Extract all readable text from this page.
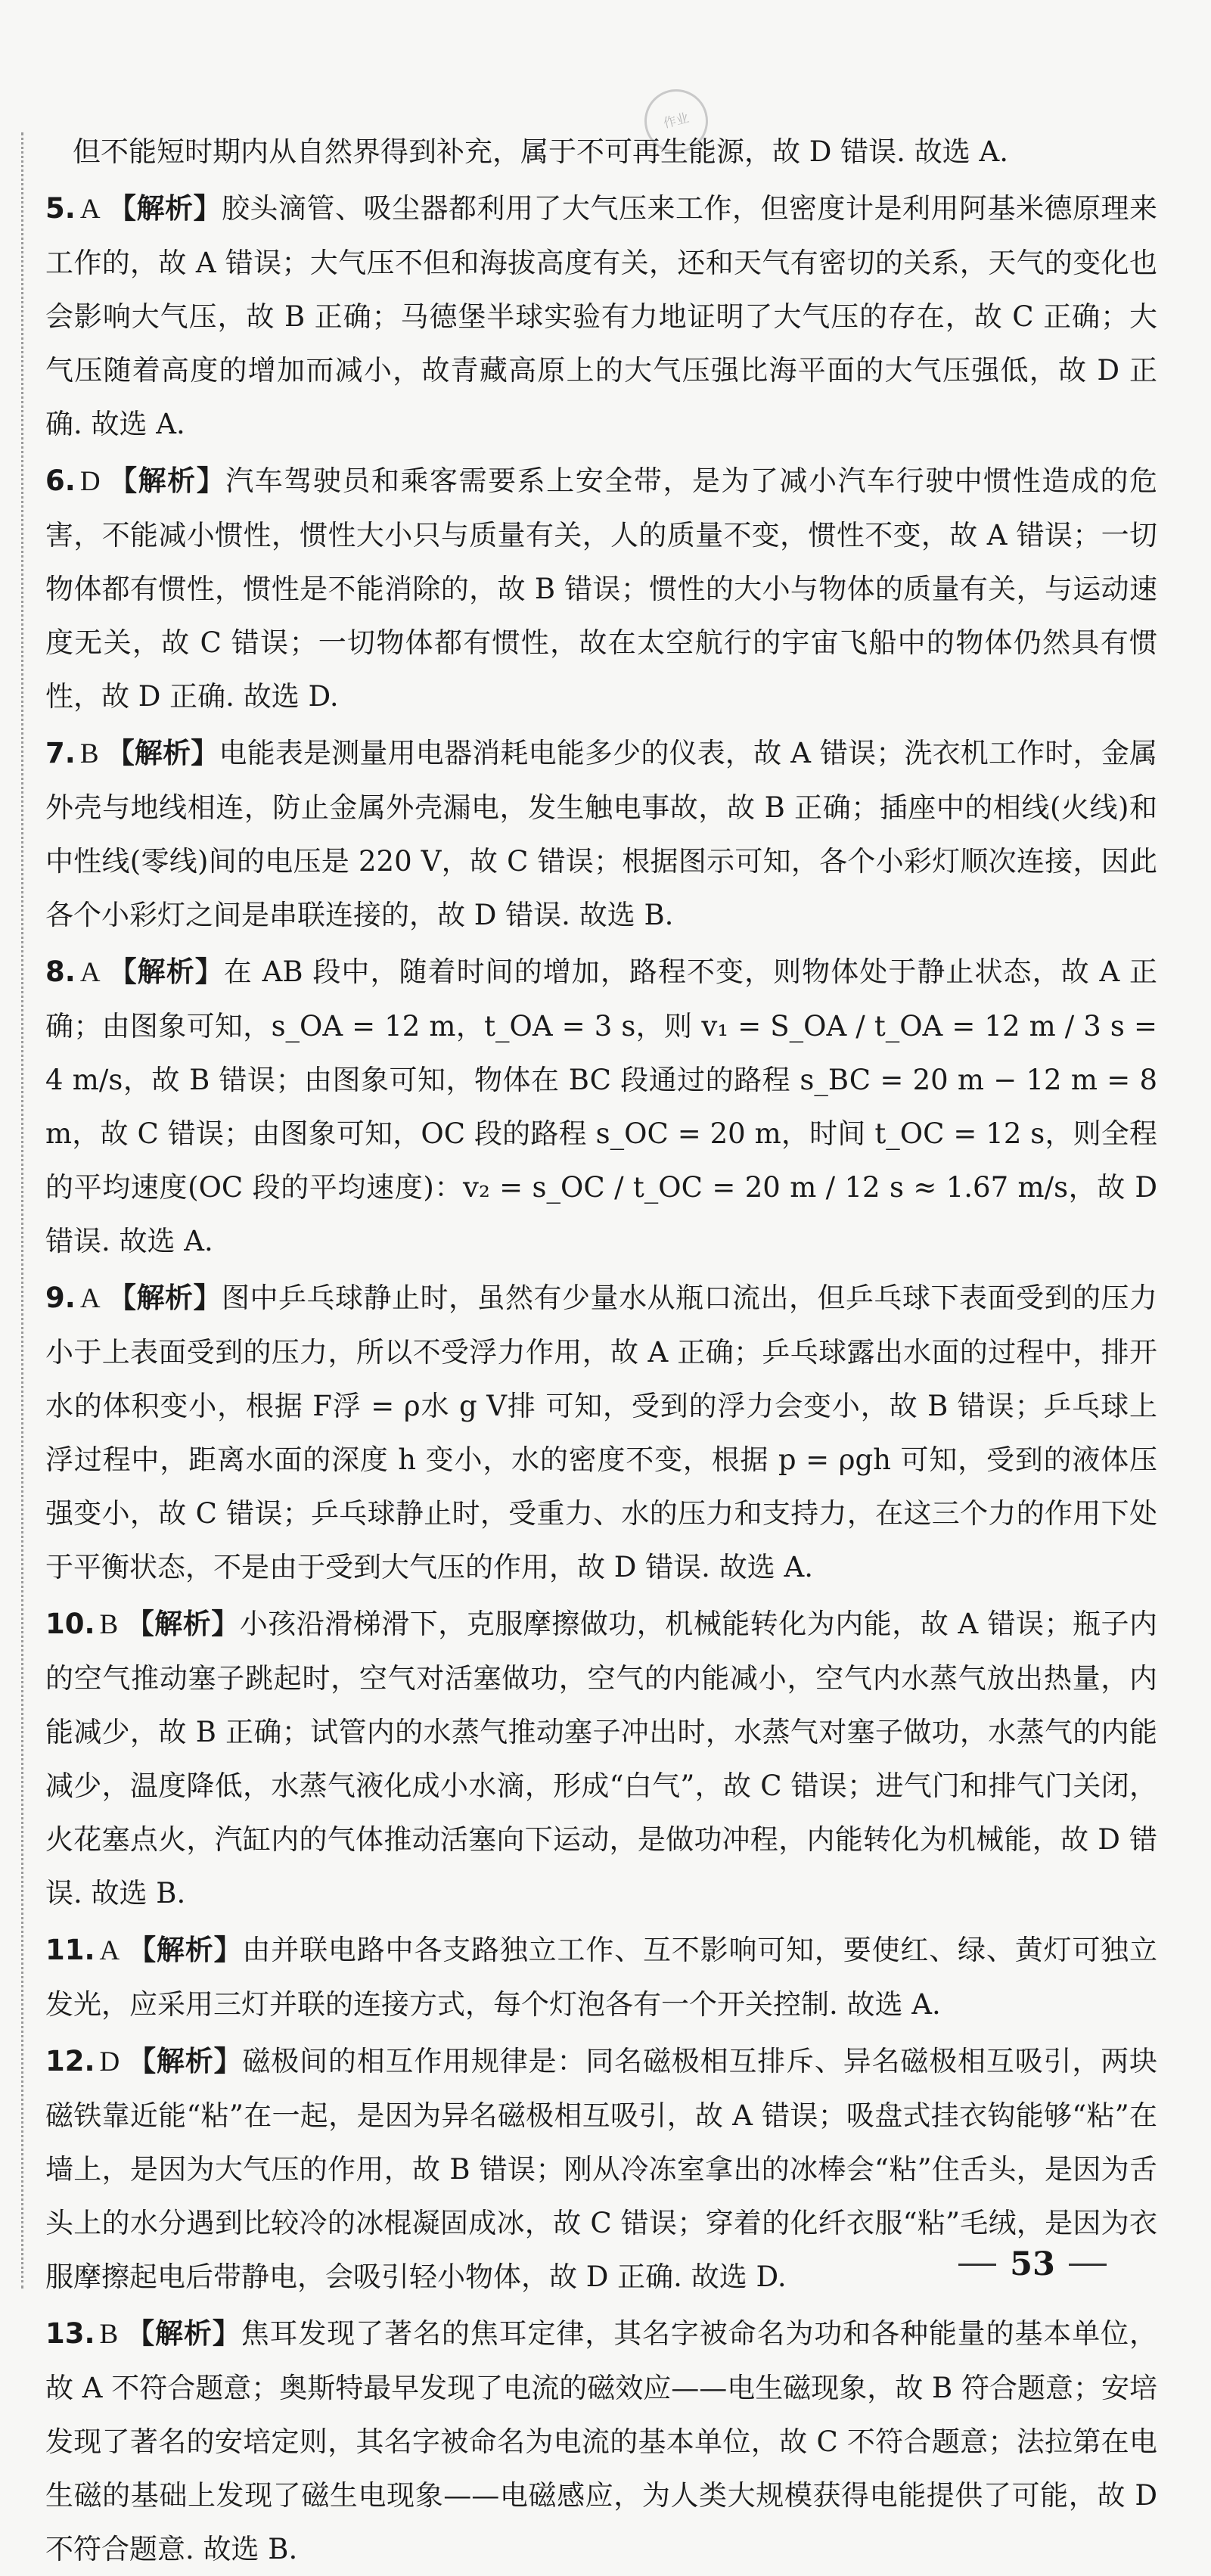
作业

但不能短时期内从自然界得到补充，属于不可再生能源，故 D 错误. 故选 A.

5. A 【解析】胶头滴管、吸尘器都利用了大气压来工作，但密度计是利用阿基米德原理来工作的，故 A 错误；大气压不但和海拔高度有关，还和天气有密切的关系，天气的变化也会影响大气压，故 B 正确；马德堡半球实验有力地证明了大气压的存在，故 C 正确；大气压随着高度的增加而减小，故青藏高原上的大气压强比海平面的大气压强低，故 D 正确. 故选 A.

6. D 【解析】汽车驾驶员和乘客需要系上安全带，是为了减小汽车行驶中惯性造成的危害，不能减小惯性，惯性大小只与质量有关，人的质量不变，惯性不变，故 A 错误；一切物体都有惯性，惯性是不能消除的，故 B 错误；惯性的大小与物体的质量有关，与运动速度无关，故 C 错误；一切物体都有惯性，故在太空航行的宇宙飞船中的物体仍然具有惯性，故 D 正确. 故选 D.

7. B 【解析】电能表是测量用电器消耗电能多少的仪表，故 A 错误；洗衣机工作时，金属外壳与地线相连，防止金属外壳漏电，发生触电事故，故 B 正确；插座中的相线(火线)和中性线(零线)间的电压是 220 V，故 C 错误；根据图示可知，各个小彩灯顺次连接，因此各个小彩灯之间是串联连接的，故 D 错误. 故选 B.

8. A 【解析】在 AB 段中，随着时间的增加，路程不变，则物体处于静止状态，故 A 正确；由图象可知，s_OA = 12 m，t_OA = 3 s，则 v₁ = S_OA / t_OA = 12 m / 3 s = 4 m/s，故 B 错误；由图象可知，物体在 BC 段通过的路程 s_BC = 20 m − 12 m = 8 m，故 C 错误；由图象可知，OC 段的路程 s_OC = 20 m，时间 t_OC = 12 s，则全程的平均速度(OC 段的平均速度)：v₂ = s_OC / t_OC = 20 m / 12 s ≈ 1.67 m/s，故 D 错误. 故选 A.

9. A 【解析】图中乒乓球静止时，虽然有少量水从瓶口流出，但乒乓球下表面受到的压力小于上表面受到的压力，所以不受浮力作用，故 A 正确；乒乓球露出水面的过程中，排开水的体积变小，根据 F浮 = ρ水 g V排 可知，受到的浮力会变小，故 B 错误；乒乓球上浮过程中，距离水面的深度 h 变小，水的密度不变，根据 p = ρgh 可知，受到的液体压强变小，故 C 错误；乒乓球静止时，受重力、水的压力和支持力，在这三个力的作用下处于平衡状态，不是由于受到大气压的作用，故 D 错误. 故选 A.

10. B 【解析】小孩沿滑梯滑下，克服摩擦做功，机械能转化为内能，故 A 错误；瓶子内的空气推动塞子跳起时，空气对活塞做功，空气的内能减小，空气内水蒸气放出热量，内能减少，故 B 正确；试管内的水蒸气推动塞子冲出时，水蒸气对塞子做功，水蒸气的内能减少，温度降低，水蒸气液化成小水滴，形成“白气”，故 C 错误；进气门和排气门关闭，火花塞点火，汽缸内的气体推动活塞向下运动，是做功冲程，内能转化为机械能，故 D 错误. 故选 B.

11. A 【解析】由并联电路中各支路独立工作、互不影响可知，要使红、绿、黄灯可独立发光，应采用三灯并联的连接方式，每个灯泡各有一个开关控制. 故选 A.

12. D 【解析】磁极间的相互作用规律是：同名磁极相互排斥、异名磁极相互吸引，两块磁铁靠近能“粘”在一起，是因为异名磁极相互吸引，故 A 错误；吸盘式挂衣钩能够“粘”在墙上，是因为大气压的作用，故 B 错误；刚从冷冻室拿出的冰棒会“粘”住舌头，是因为舌头上的水分遇到比较冷的冰棍凝固成冰，故 C 错误；穿着的化纤衣服“粘”毛绒，是因为衣服摩擦起电后带静电，会吸引轻小物体，故 D 正确. 故选 D.

13. B 【解析】焦耳发现了著名的焦耳定律，其名字被命名为功和各种能量的基本单位，故 A 不符合题意；奥斯特最早发现了电流的磁效应——电生磁现象，故 B 符合题意；安培发现了著名的安培定则，其名字被命名为电流的基本单位，故 C 不符合题意；法拉第在电生磁的基础上发现了磁生电现象——电磁感应，为人类大规模获得电能提供了可能，故 D 不符合题意. 故选 B.

53
